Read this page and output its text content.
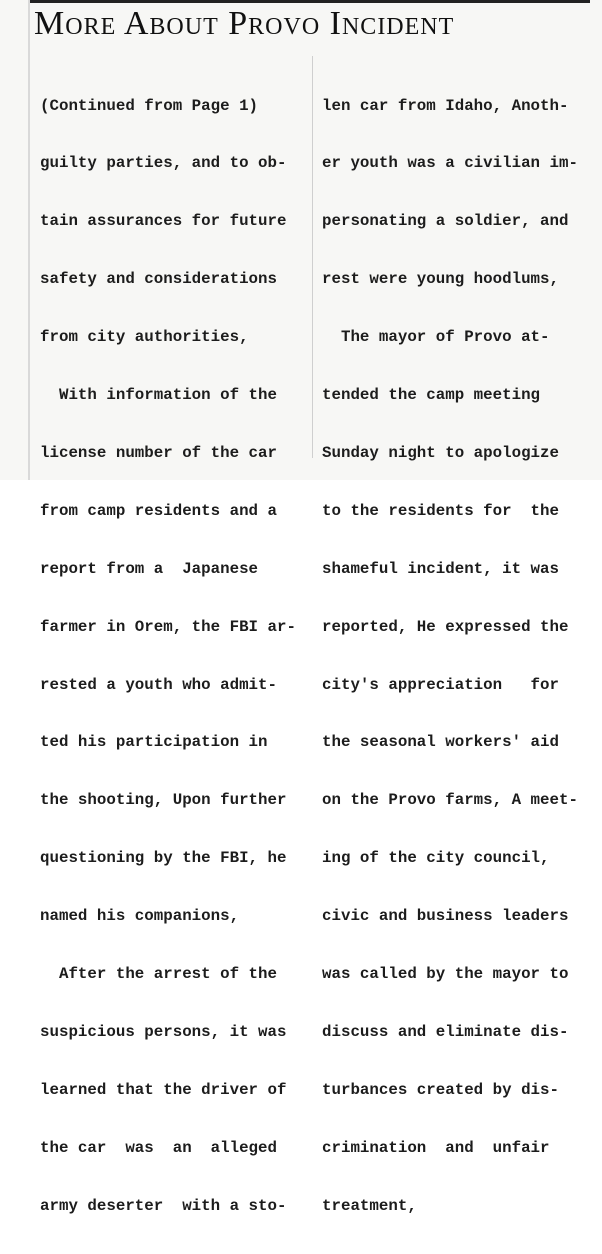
More About Provo Incident

(Continued from Page 1)

guilty parties, and to ob-

tain assurances for future

safety and considerations

from city authorities,

With information of the

license number of the car

from camp residents and a

report from a  Japanese

farmer in Orem, the FBI ar-

rested a youth who admit-

ted his participation in

the shooting, Upon further

questioning by the FBI, he

named his companions,

After the arrest of the

suspicious persons, it was

learned that the driver of

the car  was  an  alleged

army deserter  with a sto-

len car from Idaho, Anoth-

er youth was a civilian im-

personating a soldier, and

rest were young hoodlums,

The mayor of Provo at-

tended the camp meeting

Sunday night to apologize

to the residents for  the

shameful incident, it was

reported, He expressed the

city's appreciation   for

the seasonal workers' aid

on the Provo farms, A meet-

ing of the city council,

civic and business leaders

was called by the mayor to

discuss and eliminate dis-

turbances created by dis-

crimination  and  unfair

treatment,
